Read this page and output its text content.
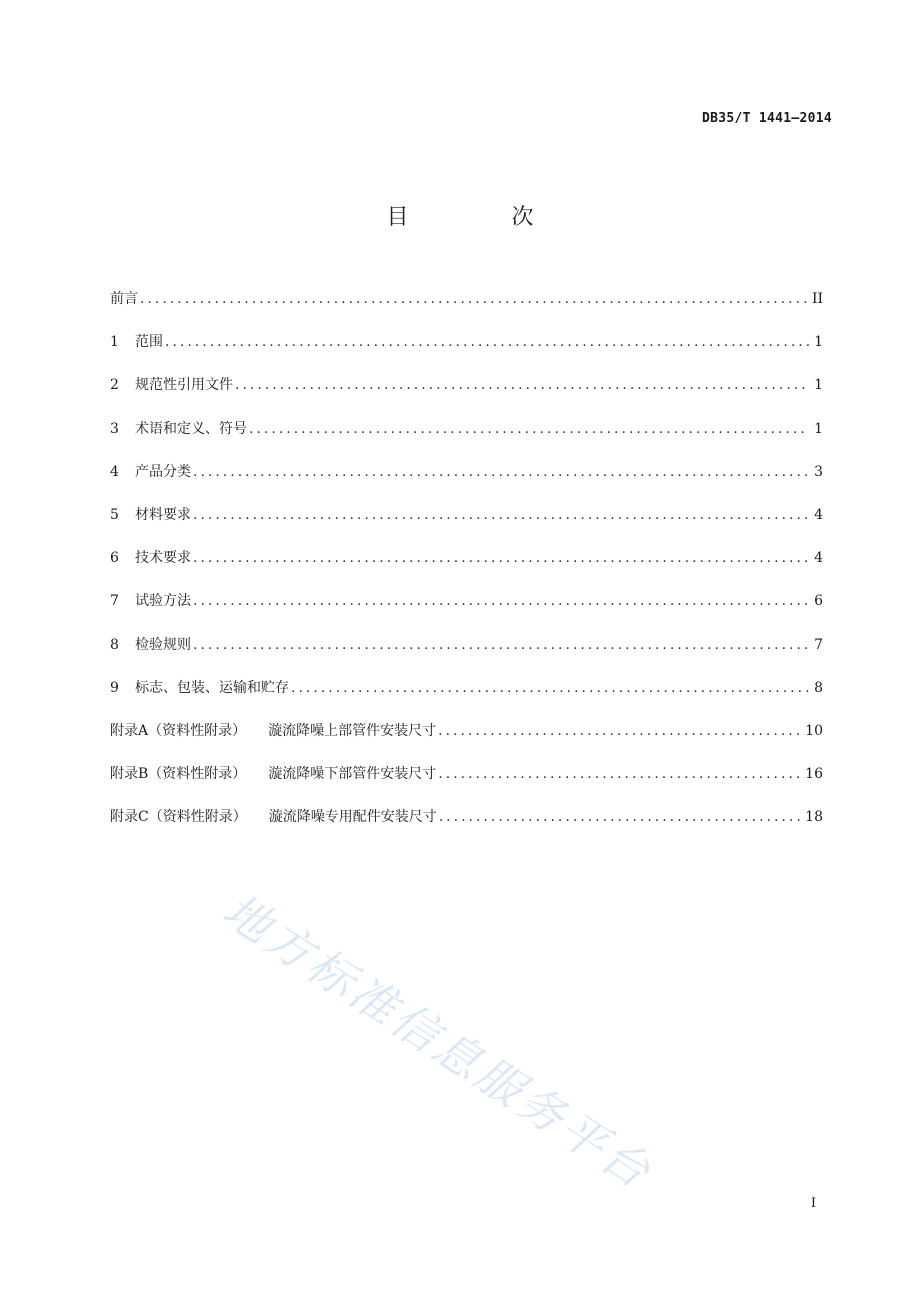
DB35/T 1441—2014
目 次
前言 .....	II
1	范围 .....	1
2	规范性引用文件 .....	1
3	术语和定义、符号 .....	1
4	产品分类 .....	3
5	材料要求 .....	4
6	技术要求 .....	4
7	试验方法 .....	6
8	检验规则 .....	7
9	标志、包装、运输和贮存 .....	8
附录A（资料性附录） 漩流降噪上部管件安装尺寸 .....	10
附录B（资料性附录） 漩流降噪下部管件安装尺寸 .....	16
附录C（资料性附录） 漩流降噪专用配件安装尺寸 .....	18
地方标准信息服务平台
I
